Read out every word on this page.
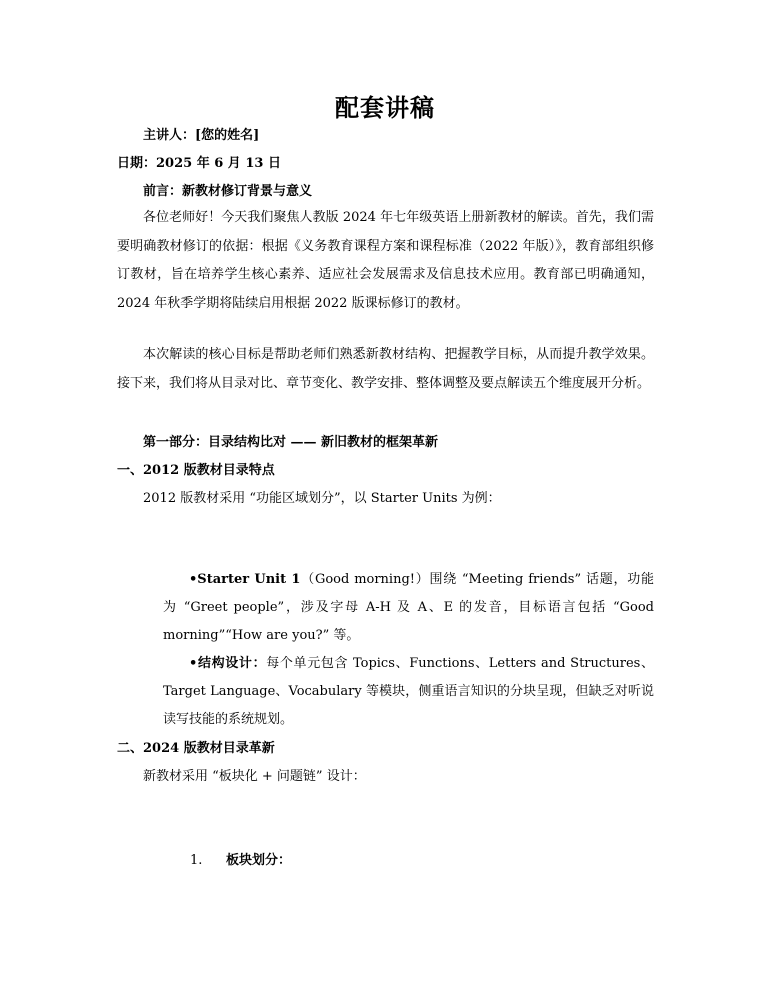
配套讲稿
主讲人：[您的姓名]
日期：2025 年 6 月 13 日
前言：新教材修订背景与意义

各位老师好！今天我们聚焦人教版 2024 年七年级英语上册新教材的解读。首先，我们需要明确教材修订的依据：根据《义务教育课程方案和课程标准（2022 年版）》，教育部组织修订教材，旨在培养学生核心素养、适应社会发展需求及信息技术应用。教育部已明确通知，2024 年秋季学期将陆续启用根据 2022 版课标修订的教材。

本次解读的核心目标是帮助老师们熟悉新教材结构、把握教学目标，从而提升教学效果。接下来，我们将从目录对比、章节变化、教学安排、整体调整及要点解读五个维度展开分析。

第一部分：目录结构比对 —— 新旧教材的框架革新
一、2012 版教材目录特点
2012 版教材采用 “功能区域划分”，以 Starter Units 为例：

•Starter Unit 1（Good morning!）围绕 “Meeting friends” 话题，功能为 “Greet people”，涉及字母 A-H 及 A、E 的发音，目标语言包括 “Good morning”“How are you?” 等。

•结构设计：每个单元包含 Topics、Functions、Letters and Structures、Target Language、Vocabulary 等模块，侧重语言知识的分块呈现，但缺乏对听说读写技能的系统规划。

二、2024 版教材目录革新
新教材采用 “板块化 + 问题链” 设计：
1. 板块划分：
